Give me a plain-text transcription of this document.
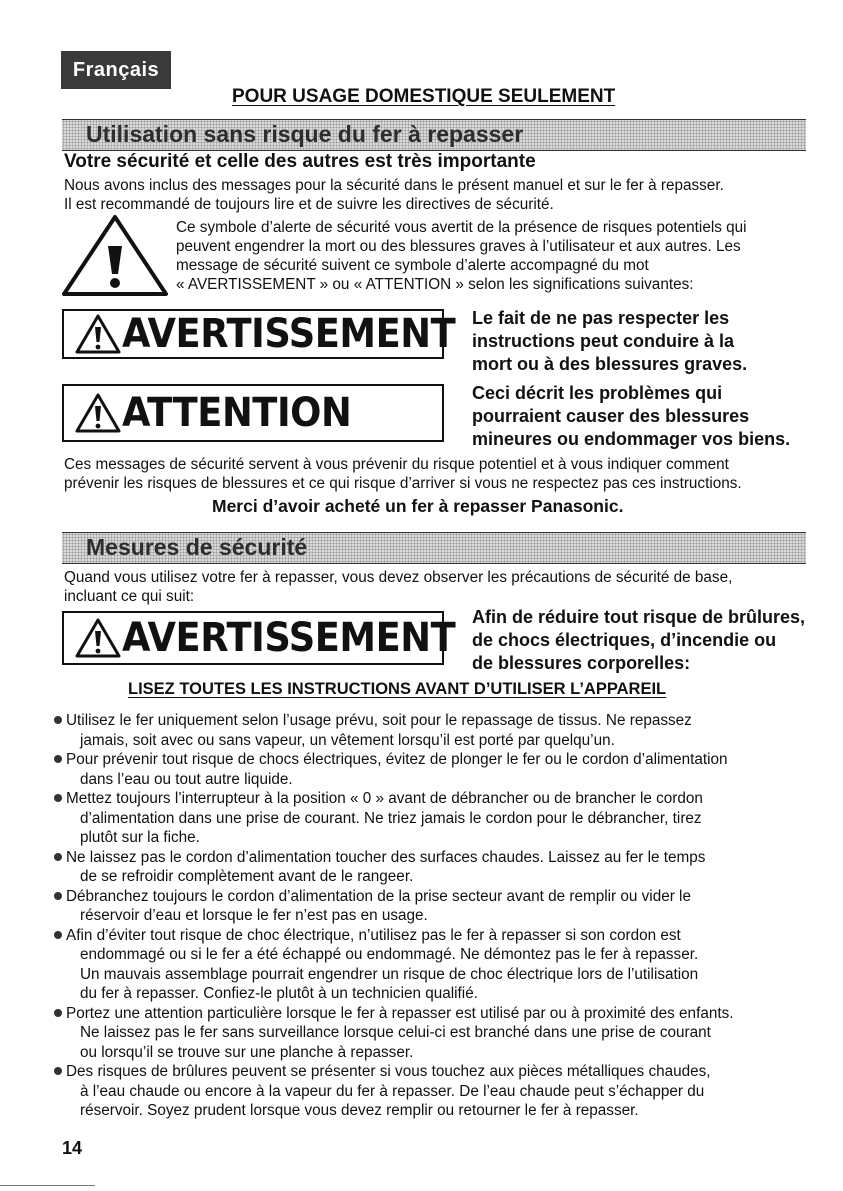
Français
POUR USAGE DOMESTIQUE SEULEMENT
Utilisation sans risque du fer à repasser
Votre sécurité et celle des autres est très importante
Nous avons inclus des messages pour la sécurité dans le présent manuel et sur le fer à repasser.
Il est recommandé de toujours lire et de suivre les directives de sécurité.
Ce symbole d’alerte de sécurité vous avertit de la présence de risques potentiels qui
peuvent engendrer la mort ou des blessures graves à l’utilisateur et aux autres. Les
message de sécurité suivent ce symbole d’alerte accompagné du mot
« AVERTISSEMENT » ou « ATTENTION » selon les significations suivantes:
AVERTISSEMENT Le fait de ne pas respecter les
instructions peut conduire à la
mort ou à des blessures graves.
ATTENTION	Ceci décrit les problèmes qui
pourraient causer des blessures
mineures ou endommager vos biens.
Ces messages de sécurité servent à vous prévenir du risque potentiel et à vous indiquer comment
prévenir les risques de blessures et ce qui risque d’arriver si vous ne respectez pas ces instructions.
Merci d’avoir acheté un fer à repasser Panasonic.
Mesures de sécurité
Quand vous utilisez votre fer à repasser, vous devez observer les précautions de sécurité de base,
incluant ce qui suit:
AVERTISSEMENT Afin de réduire tout risque de brûlures,
de chocs électriques, d’incendie ou
de blessures corporelles:
LISEZ TOUTES LES INSTRUCTIONS AVANT D’UTILISER L’APPAREIL
Utilisez le fer uniquement selon l’usage prévu, soit pour le repassage de tissus. Ne repassez
jamais, soit avec ou sans vapeur, un vêtement lorsqu’il est porté par quelqu’un.
Pour prévenir tout risque de chocs électriques, évitez de plonger le fer ou le cordon d’alimentation
dans l’eau ou tout autre liquide.
Mettez toujours l’interrupteur à la position « 0 » avant de débrancher ou de brancher le cordon
d’alimentation dans une prise de courant. Ne triez jamais le cordon pour le débrancher, tirez
plutôt sur la fiche.
Ne laissez pas le cordon d’alimentation toucher des surfaces chaudes. Laissez au fer le temps
de se refroidir complètement avant de le rangeer.
Débranchez toujours le cordon d’alimentation de la prise secteur avant de remplir ou vider le
réservoir d’eau et lorsque le fer n’est pas en usage.
Afin d’éviter tout risque de choc électrique, n’utilisez pas le fer à repasser si son cordon est
endommagé ou si le fer a été échappé ou endommagé. Ne démontez pas le fer à repasser.
Un mauvais assemblage pourrait engendrer un risque de choc électrique lors de l’utilisation
du fer à repasser. Confiez-le plutôt à un technicien qualifié.
Portez une attention particulière lorsque le fer à repasser est utilisé par ou à proximité des enfants.
Ne laissez pas le fer sans surveillance lorsque celui-ci est branché dans une prise de courant
ou lorsqu’il se trouve sur une planche à repasser.
Des risques de brûlures peuvent se présenter si vous touchez aux pièces métalliques chaudes,
à l’eau chaude ou encore à la vapeur du fer à repasser. De l’eau chaude peut s’échapper du
réservoir. Soyez prudent lorsque vous devez remplir ou retourner le fer à repasser.
14
